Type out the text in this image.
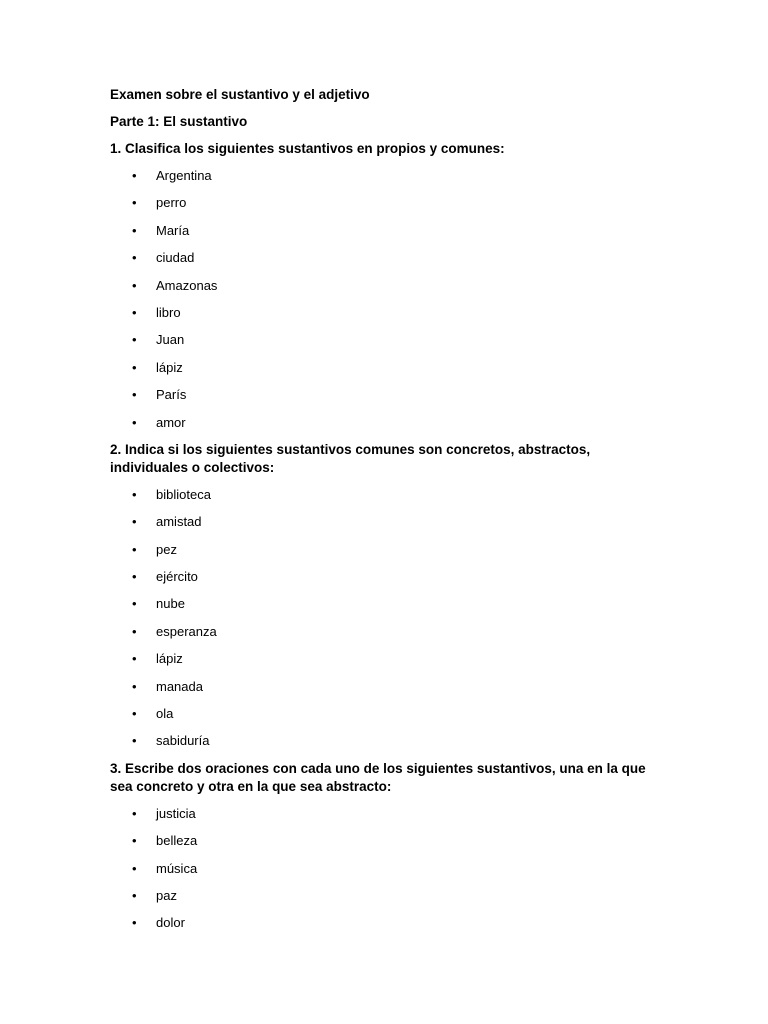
Examen sobre el sustantivo y el adjetivo

Parte 1: El sustantivo

1. Clasifica los siguientes sustantivos en propios y comunes:

• Argentina
• perro
• María
• ciudad
• Amazonas
• libro
• Juan
• lápiz
• París
• amor

2. Indica si los siguientes sustantivos comunes son concretos, abstractos, individuales o colectivos:

• biblioteca
• amistad
• pez
• ejército
• nube
• esperanza
• lápiz
• manada
• ola
• sabiduría

3. Escribe dos oraciones con cada uno de los siguientes sustantivos, una en la que sea concreto y otra en la que sea abstracto:

• justicia
• belleza
• música
• paz
• dolor
